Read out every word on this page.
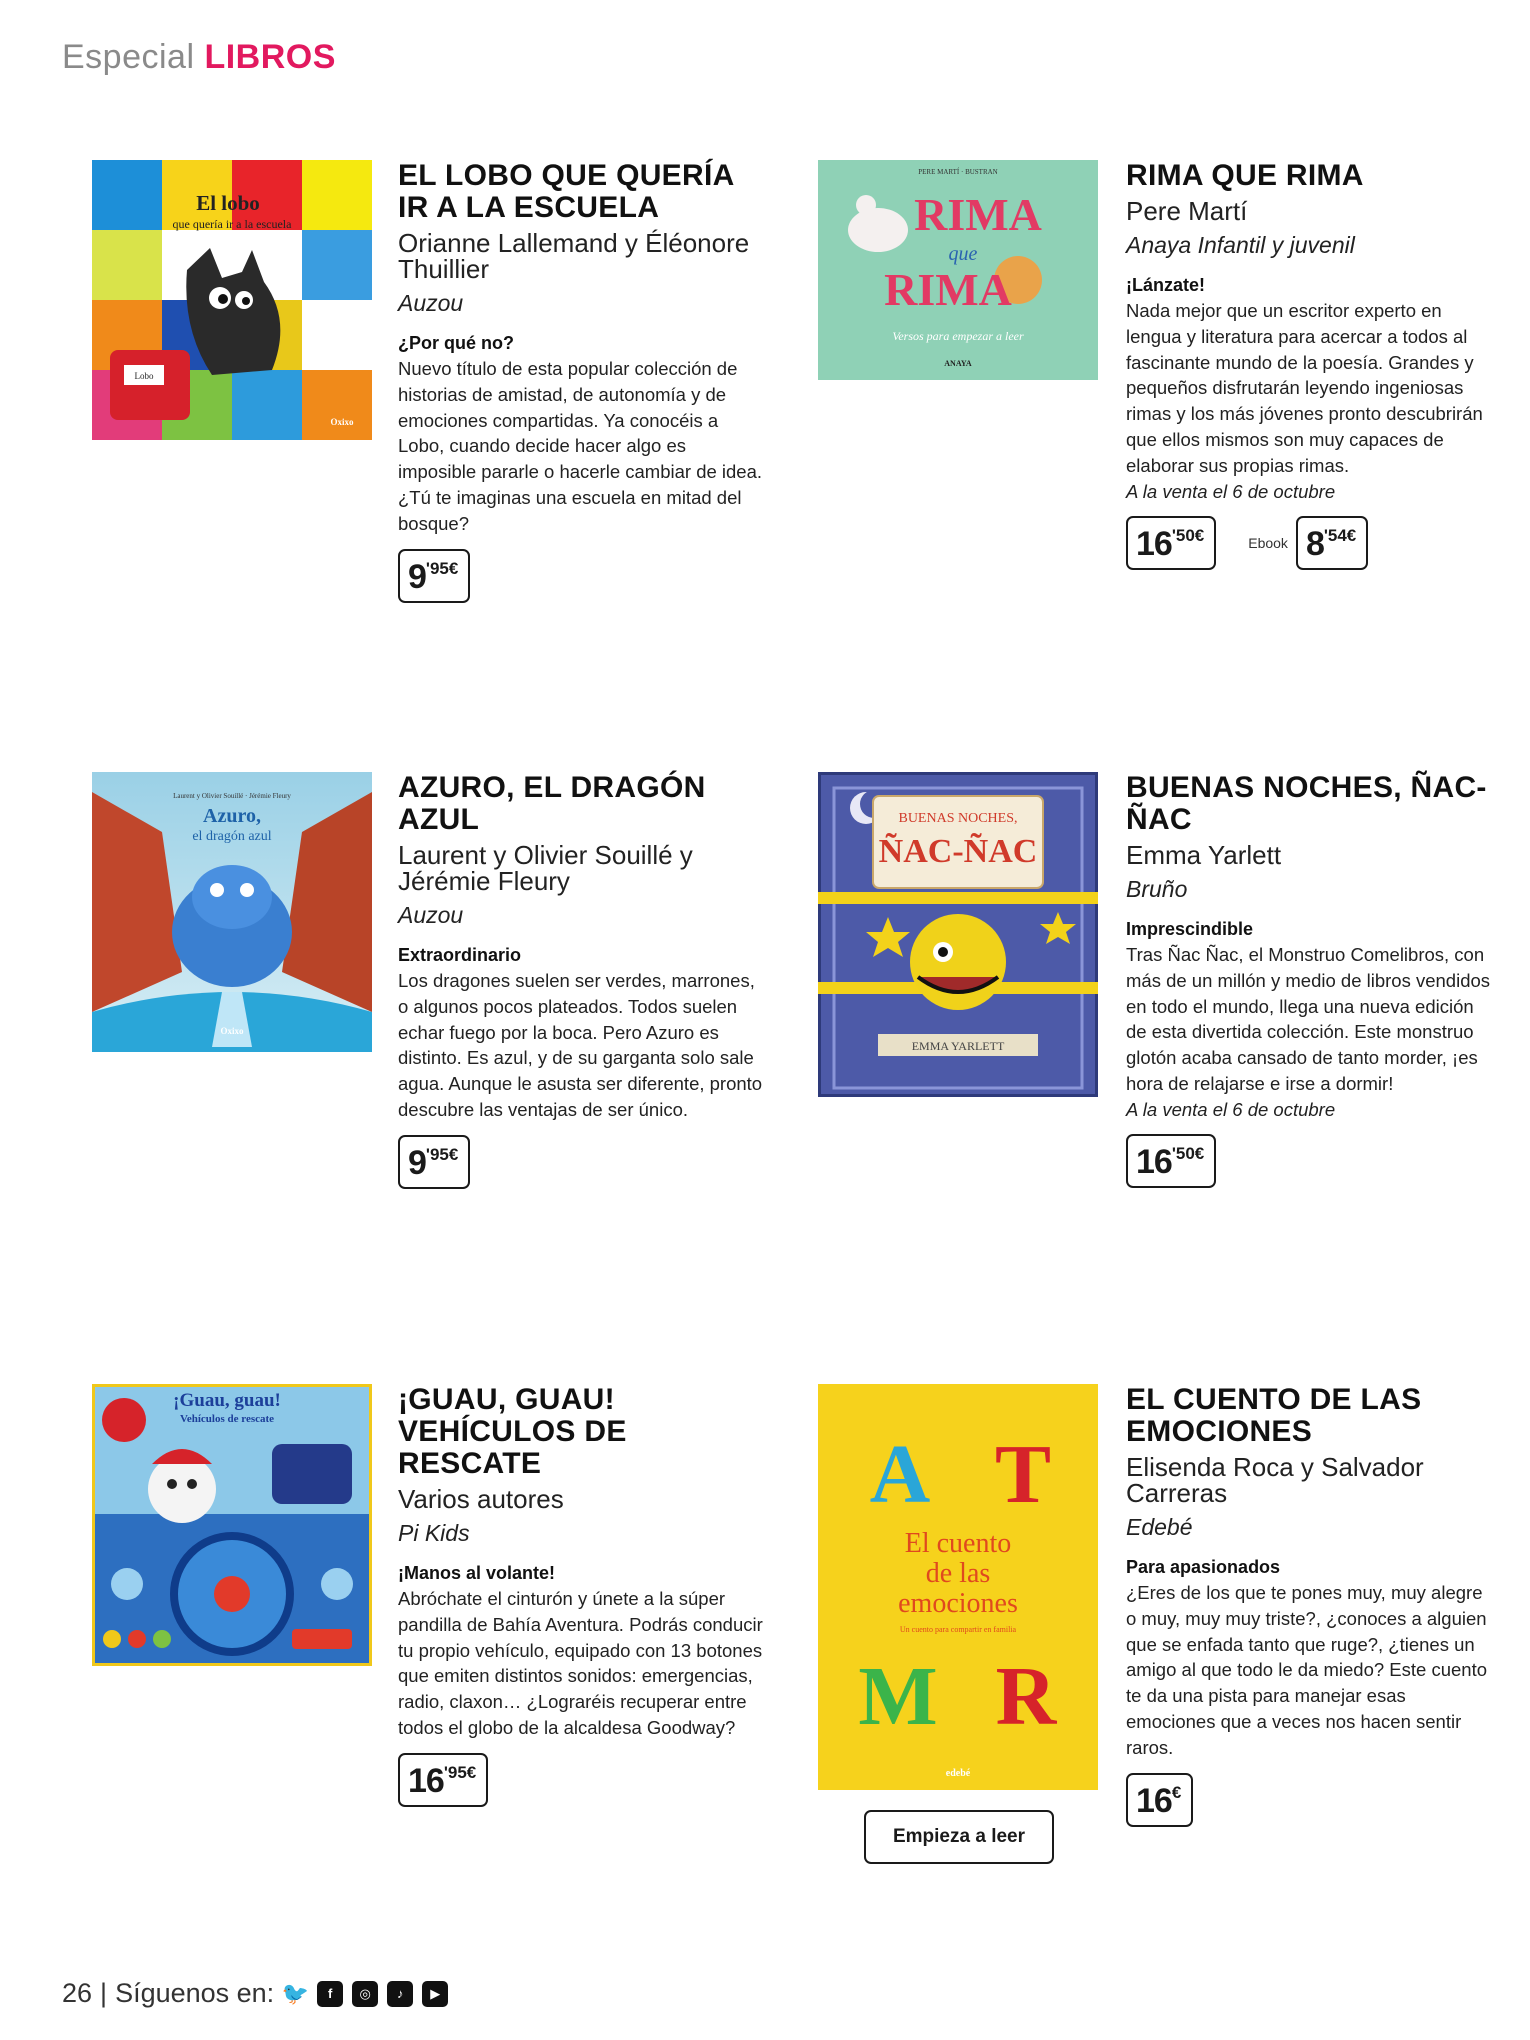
Especial LIBROS
El lobo
que quería ir a la escuela
Lobo
Oxixo
EL LOBO QUE QUERÍA IR A LA ESCUELA
Orianne Lallemand y Éléonore Thuillier
Auzou
¿Por qué no?
Nuevo título de esta popular colección de historias de amistad, de autonomía y de emociones compartidas. Ya conocéis a Lobo, cuando decide hacer algo es imposible pararle o hacerle cambiar de idea. ¿Tú te imaginas una escuela en mitad del bosque?
9 '95€
PERE MARTÍ · BUSTRAN
RIMA
que
RIMA
Versos para empezar a leer
ANAYA
RIMA QUE RIMA
Pere Martí
Anaya Infantil y juvenil
¡Lánzate!
Nada mejor que un escritor experto en lengua y literatura para acercar a todos al fascinante mundo de la poesía. Grandes y pequeños disfrutarán leyendo ingeniosas rimas y los más jóvenes pronto descubrirán que ellos mismos son muy capaces de elaborar sus propias rimas.
A la venta el 6 de octubre
16 '50€	Ebook 8 '54€
Laurent y Olivier Souillé · Jérémie Fleury
Azuro,
el dragón azul
Oxixo
AZURO, EL DRAGÓN AZUL
Laurent y Olivier Souillé y Jérémie Fleury
Auzou
Extraordinario
Los dragones suelen ser verdes, marrones, o algunos pocos plateados. Todos suelen echar fuego por la boca. Pero Azuro es distinto. Es azul, y de su garganta solo sale agua. Aunque le asusta ser diferente, pronto descubre las ventajas de ser único.
9 '95€
BUENAS NOCHES,
ÑAC-ÑAC
EMMA YARLETT
BUENAS NOCHES, ÑAC-ÑAC
Emma Yarlett
Bruño
Imprescindible
Tras Ñac Ñac, el Monstruo Comelibros, con más de un millón y medio de libros vendidos en todo el mundo, llega una nueva edición de esta divertida colección. Este monstruo glotón acaba cansado de tanto morder, ¡es hora de relajarse e irse a dormir!
A la venta el 6 de octubre
16 '50€
¡Guau, guau!
Vehículos de rescate
¡GUAU, GUAU! VEHÍCULOS DE RESCATE
Varios autores
Pi Kids
¡Manos al volante!
Abróchate el cinturón y únete a la súper pandilla de Bahía Aventura. Podrás conducir tu propio vehículo, equipado con 13 botones que emiten distintos sonidos: emergencias, radio, claxon… ¿Lograréis recuperar entre todos el globo de la alcaldesa Goodway?
16 '95€
A T
El cuento
de las
emociones
Un cuento para compartir en familia
M R
edebé
EL CUENTO DE LAS EMOCIONES
Elisenda Roca y Salvador Carreras
Edebé
Para apasionados
¿Eres de los que te pones muy, muy alegre o muy, muy muy triste?, ¿conoces a alguien que se enfada tanto que ruge?, ¿tienes un amigo al que todo le da miedo? Este cuento te da una pista para manejar esas emociones que a veces nos hacen sentir raros.
16 €
Empieza a leer
26 | Síguenos en: 🐦	f	◎	♪	▶
